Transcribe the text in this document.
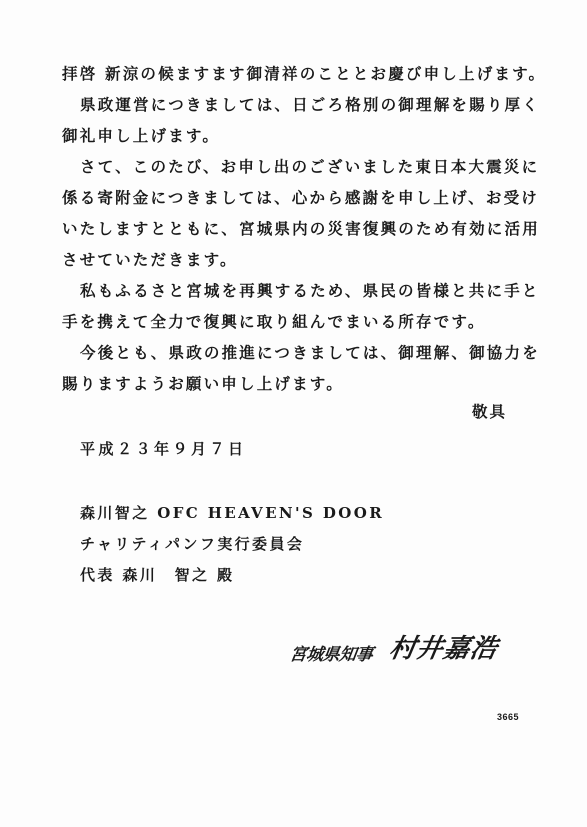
拝啓 新涼の候ますます御清祥のこととお慶び申し上げます。
県政運営につきましては、日ごろ格別の御理解を賜り厚く
御礼申し上げます。
さて、このたび、お申し出のございました東日本大震災に
係る寄附金につきましては、心から感謝を申し上げ、お受け
いたしますとともに、宮城県内の災害復興のため有効に活用
させていただきます。
私もふるさと宮城を再興するため、県民の皆様と共に手と
手を携えて全力で復興に取り組んでまいる所存です。
今後とも、県政の推進につきましては、御理解、御協力を
賜りますようお願い申し上げます。
敬具
平成２３年９月７日
森川智之 OFC HEAVEN'S DOOR
チャリティパンフ実行委員会
代表 森川　智之 殿
宮城県知事 村井嘉浩
3665
